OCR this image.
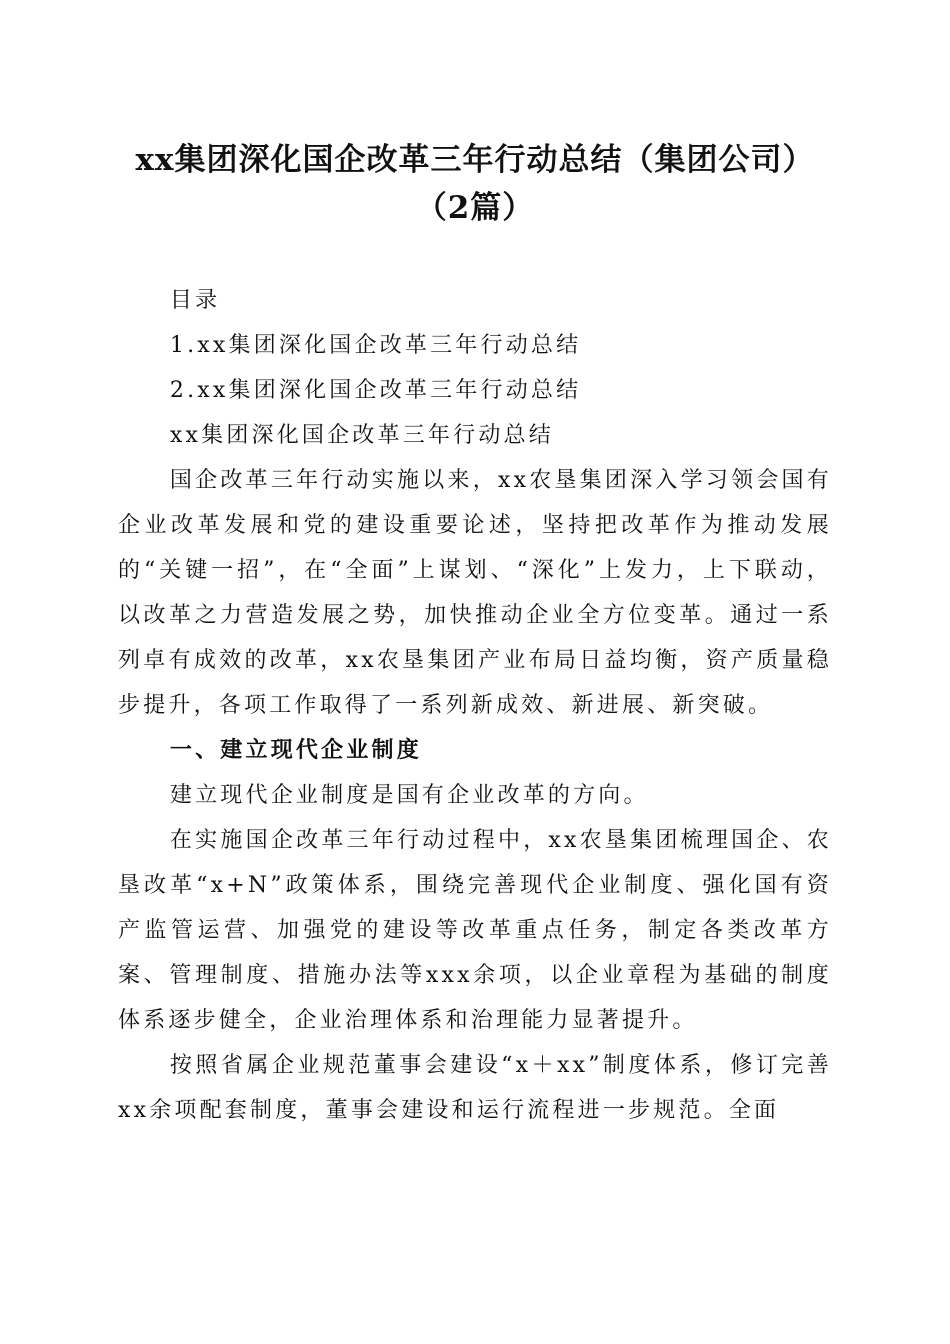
xx集团深化国企改革三年行动总结（集团公司）（2篇）

目录

1.xx集团深化国企改革三年行动总结

2.xx集团深化国企改革三年行动总结

xx集团深化国企改革三年行动总结

国企改革三年行动实施以来，xx农垦集团深入学习领会国有企业改革发展和党的建设重要论述，坚持把改革作为推动发展的“关键一招”，在“全面”上谋划、“深化”上发力，上下联动，以改革之力营造发展之势，加快推动企业全方位变革。通过一系列卓有成效的改革，xx农垦集团产业布局日益均衡，资产质量稳步提升，各项工作取得了一系列新成效、新进展、新突破。

一、建立现代企业制度

建立现代企业制度是国有企业改革的方向。

在实施国企改革三年行动过程中，xx农垦集团梳理国企、农垦改革“x+N”政策体系，围绕完善现代企业制度、强化国有资产监管运营、加强党的建设等改革重点任务，制定各类改革方案、管理制度、措施办法等xxx余项，以企业章程为基础的制度体系逐步健全，企业治理体系和治理能力显著提升。

按照省属企业规范董事会建设“x＋xx”制度体系，修订完善xx余项配套制度，董事会建设和运行流程进一步规范。全面
